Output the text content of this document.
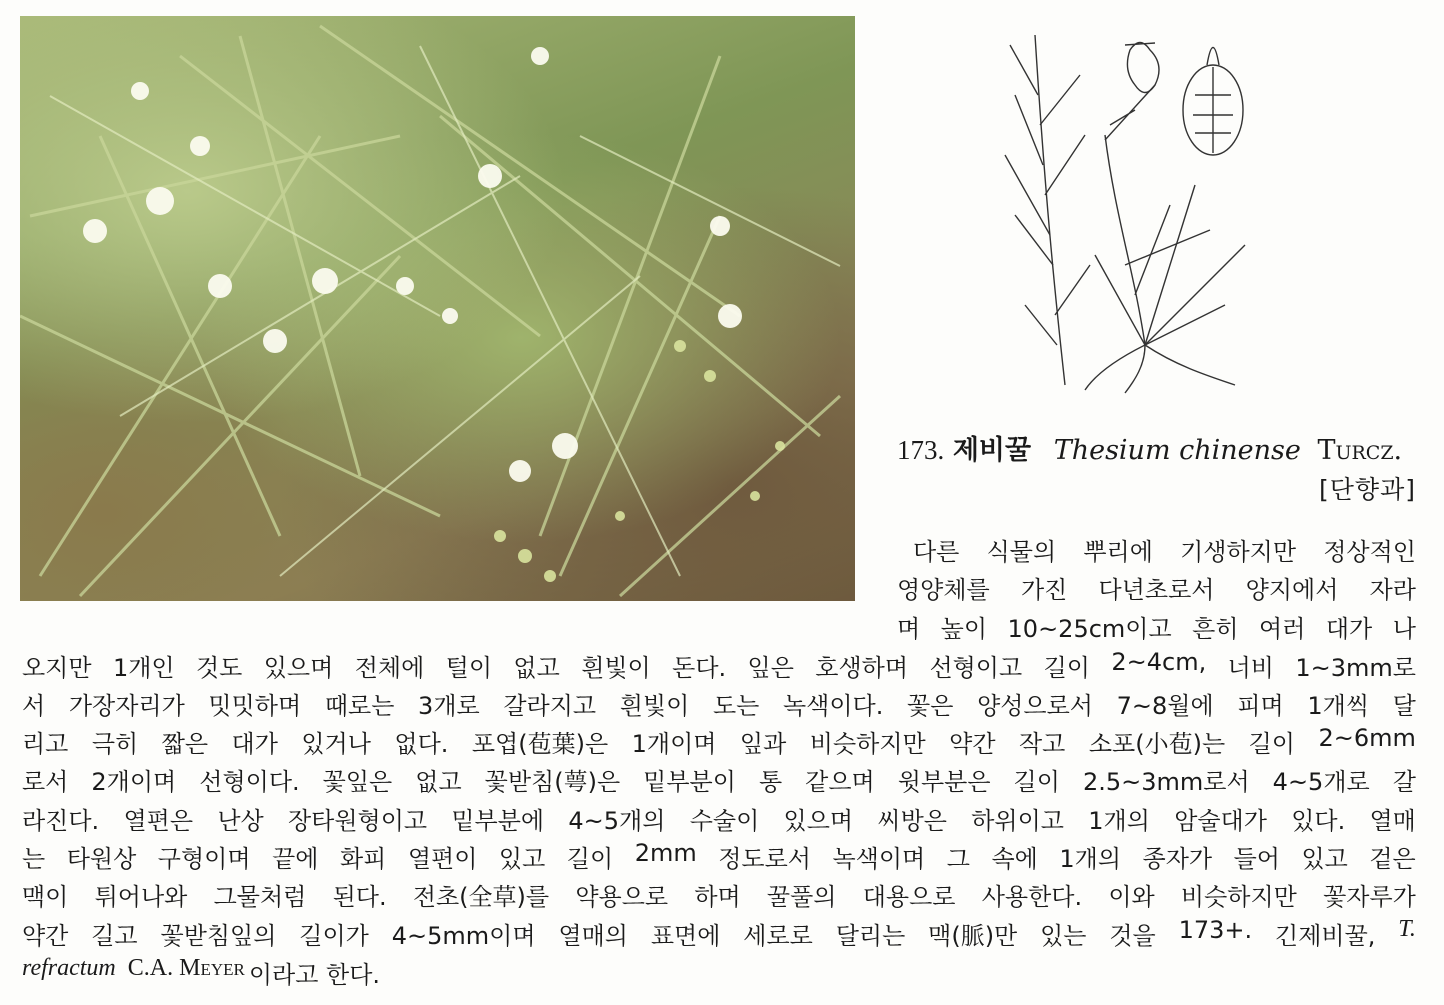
173. 제비꿀 Thesium chinense Turcz.
[단향과]
다른 식물의 뿌리에 기생하지만 정상적인
영양체를 가진 다년초로서 양지에서 자라
며 높이 10~25cm이고 흔히 여러 대가 나
오지만 1개인 것도 있으며 전체에 털이 없고 흰빛이 돈다. 잎은 호생하며 선형이고 길이 2~4cm, 너비 1~3mm로
서 가장자리가 밋밋하며 때로는 3개로 갈라지고 흰빛이 도는 녹색이다. 꽃은 양성으로서 7~8월에 피며 1개씩 달
리고 극히 짧은 대가 있거나 없다. 포엽(苞葉)은 1개이며 잎과 비슷하지만 약간 작고 소포(小苞)는 길이 2~6mm
로서 2개이며 선형이다. 꽃잎은 없고 꽃받침(萼)은 밑부분이 통 같으며 윗부분은 길이 2.5~3mm로서 4~5개로 갈
라진다. 열편은 난상 장타원형이고 밑부분에 4~5개의 수술이 있으며 씨방은 하위이고 1개의 암술대가 있다. 열매
는 타원상 구형이며 끝에 화피 열편이 있고 길이 2mm 정도로서 녹색이며 그 속에 1개의 종자가 들어 있고 겉은
맥이 튀어나와 그물처럼 된다. 전초(全草)를 약용으로 하며 꿀풀의 대용으로 사용한다. 이와 비슷하지만 꽃자루가
약간 길고 꽃받침잎의 길이가 4~5mm이며 열매의 표면에 세로로 달리는 맥(脈)만 있는 것을 173+. 긴제비꿀, T.
refractum C.A. Meyer 이라고 한다.
